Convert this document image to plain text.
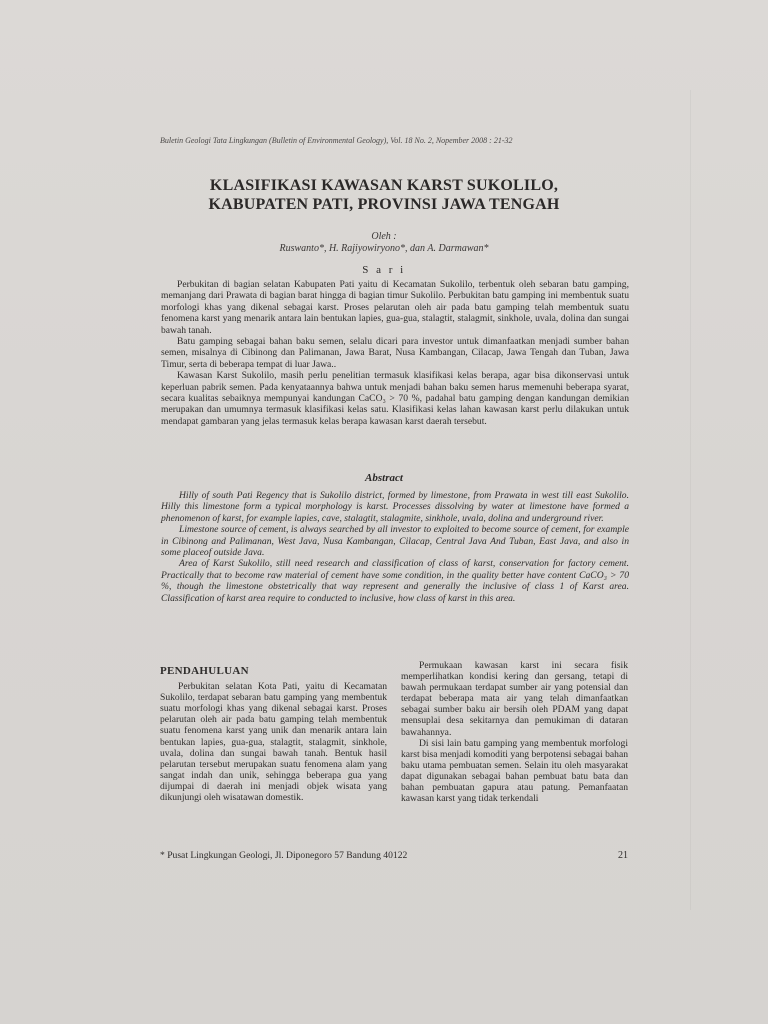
Buletin Geologi Tata Lingkungan (Bulletin of Environmental Geology), Vol. 18 No. 2, Nopember 2008 : 21-32
KLASIFIKASI KAWASAN KARST SUKOLILO,
KABUPATEN PATI, PROVINSI JAWA TENGAH
Oleh :
Ruswanto*, H. Rajiyowiryono*, dan A. Darmawan*
S a r i

Perbukitan di bagian selatan Kabupaten Pati yaitu di Kecamatan Sukolilo, terbentuk oleh sebaran batu gamping, memanjang dari Prawata di bagian barat hingga di bagian timur Sukolilo. Perbukitan batu gamping ini membentuk suatu morfologi khas yang dikenal sebagai karst. Proses pelarutan oleh air pada batu gamping telah membentuk suatu fenomena karst yang menarik antara lain bentukan lapies, gua-gua, stalagtit, stalagmit, sinkhole, uvala, dolina dan sungai bawah tanah.

Batu gamping sebagai bahan baku semen, selalu dicari para investor untuk dimanfaatkan menjadi sumber bahan semen, misalnya di Cibinong dan Palimanan, Jawa Barat, Nusa Kambangan, Cilacap, Jawa Tengah dan Tuban, Jawa Timur, serta di beberapa tempat di luar Jawa..

Kawasan Karst Sukolilo, masih perlu penelitian termasuk klasifikasi kelas berapa, agar bisa dikonservasi untuk keperluan pabrik semen. Pada kenyataannya bahwa untuk menjadi bahan baku semen harus memenuhi beberapa syarat, secara kualitas sebaiknya mempunyai kandungan CaCO₃ > 70 %, padahal batu gamping dengan kandungan demikian merupakan dan umumnya termasuk klasifikasi kelas satu. Klasifikasi kelas lahan kawasan karst perlu dilakukan untuk mendapat gambaran yang jelas termasuk kelas berapa kawasan karst daerah tersebut.

Abstract

Hilly of south Pati Regency that is Sukolilo district, formed by limestone, from Prawata in west till east Sukolilo. Hilly this limestone form a typical morphology is karst. Processes dissolving by water at limestone have formed a phenomenon of karst, for example lapies, cave, stalagtit, stalagmite, sinkhole, uvala, dolina and underground river.

Limestone source of cement, is always searched by all investor to exploited to become source of cement, for example in Cibinong and Palimanan, West Java, Nusa Kambangan, Cilacap, Central Java And Tuban, East Java, and also in some placeof outside Java.

Area of Karst Sukolilo, still need research and classification of class of karst, conservation for factory cement. Practically that to become raw material of cement have some condition, in the quality better have content CaCO₃ > 70 %, though the limestone obstetrically that way represent and generally the inclusive of class 1 of Karst area. Classification of karst area require to conducted to inclusive, how class of karst in this area.

PENDAHULUAN

Perbukitan selatan Kota Pati, yaitu di Kecamatan Sukolilo, terdapat sebaran batu gamping yang membentuk suatu morfologi khas yang dikenal sebagai karst. Proses pelarutan oleh air pada batu gamping telah membentuk suatu fenomena karst yang unik dan menarik antara lain bentukan lapies, gua-gua, stalagtit, stalagmit, sinkhole, uvala, dolina dan sungai bawah tanah. Bentuk hasil pelarutan tersebut merupakan suatu fenomena alam yang sangat indah dan unik, sehingga beberapa gua yang dijumpai di daerah ini menjadi objek wisata yang dikunjungi oleh wisatawan domestik.

Permukaan kawasan karst ini secara fisik memperlihatkan kondisi kering dan gersang, tetapi di bawah permukaan terdapat sumber air yang potensial dan terdapat beberapa mata air yang telah dimanfaatkan sebagai sumber baku air bersih oleh PDAM yang dapat mensuplai desa sekitarnya dan pemukiman di dataran bawahannya.

Di sisi lain batu gamping yang membentuk morfologi karst bisa menjadi komoditi yang berpotensi sebagai bahan baku utama pembuatan semen. Selain itu oleh masyarakat dapat digunakan sebagai bahan pembuat batu bata dan bahan pembuatan gapura atau patung. Pemanfaatan kawasan karst yang tidak terkendali

* Pusat Lingkungan Geologi, Jl. Diponegoro 57 Bandung 40122	21
